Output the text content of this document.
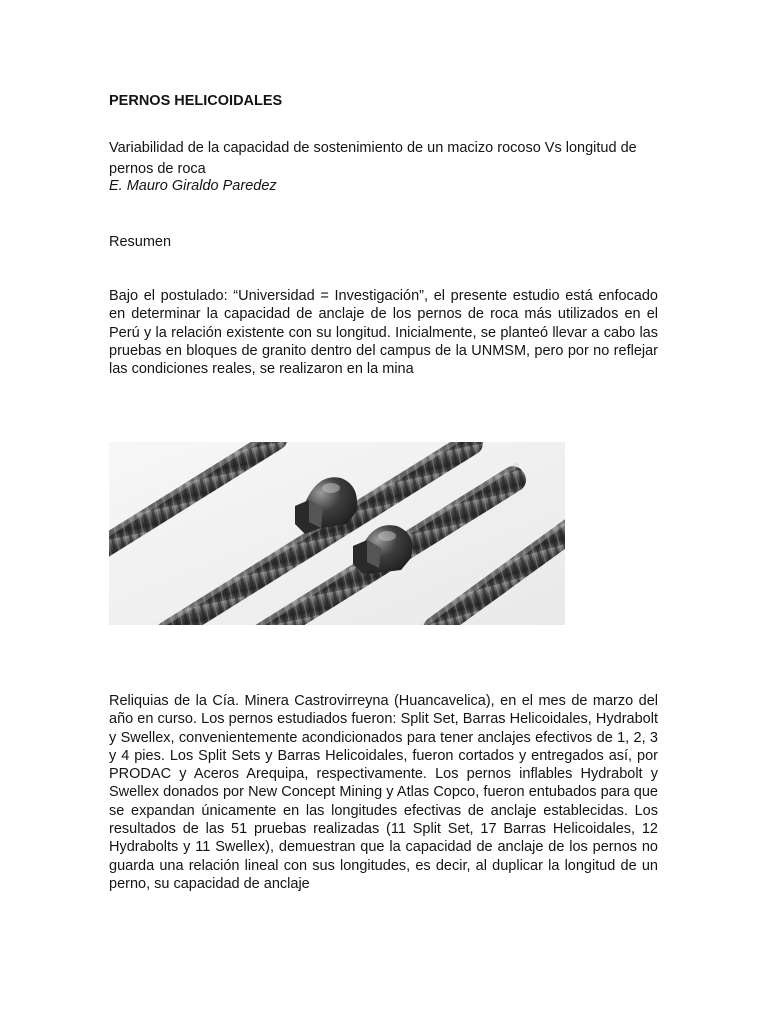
PERNOS HELICOIDALES

Variabilidad de la capacidad de sostenimiento de un macizo rocoso Vs longitud de pernos de roca

E. Mauro Giraldo Paredez

Resumen

Bajo el postulado: “Universidad = Investigación”, el presente estudio está enfocado en determinar la capacidad de anclaje de los pernos de roca más utilizados en el Perú y la relación existente con su longitud. Inicialmente, se planteó llevar a cabo las pruebas en bloques de granito dentro del campus de la UNMSM, pero por no reflejar las condiciones reales, se realizaron en la mina

Reliquias de la Cía. Minera Castrovirreyna (Huancavelica), en el mes de marzo del año en curso. Los pernos estudiados fueron: Split Set, Barras Helicoidales, Hydrabolt y Swellex, convenientemente acondicionados para tener anclajes efectivos de 1, 2, 3 y 4 pies. Los Split Sets y Barras Helicoidales, fueron cortados y entregados así, por PRODAC y Aceros Arequipa, respectivamente. Los pernos inflables Hydrabolt y Swellex donados por New Concept Mining y Atlas Copco, fueron entubados para que se expandan únicamente en las longitudes efectivas de anclaje establecidas. Los resultados de las 51 pruebas realizadas (11 Split Set, 17 Barras Helicoidales, 12 Hydrabolts y 11 Swellex), demuestran que la capacidad de anclaje de los pernos no guarda una relación lineal con sus longitudes, es decir, al duplicar la longitud de un perno, su capacidad de anclaje
